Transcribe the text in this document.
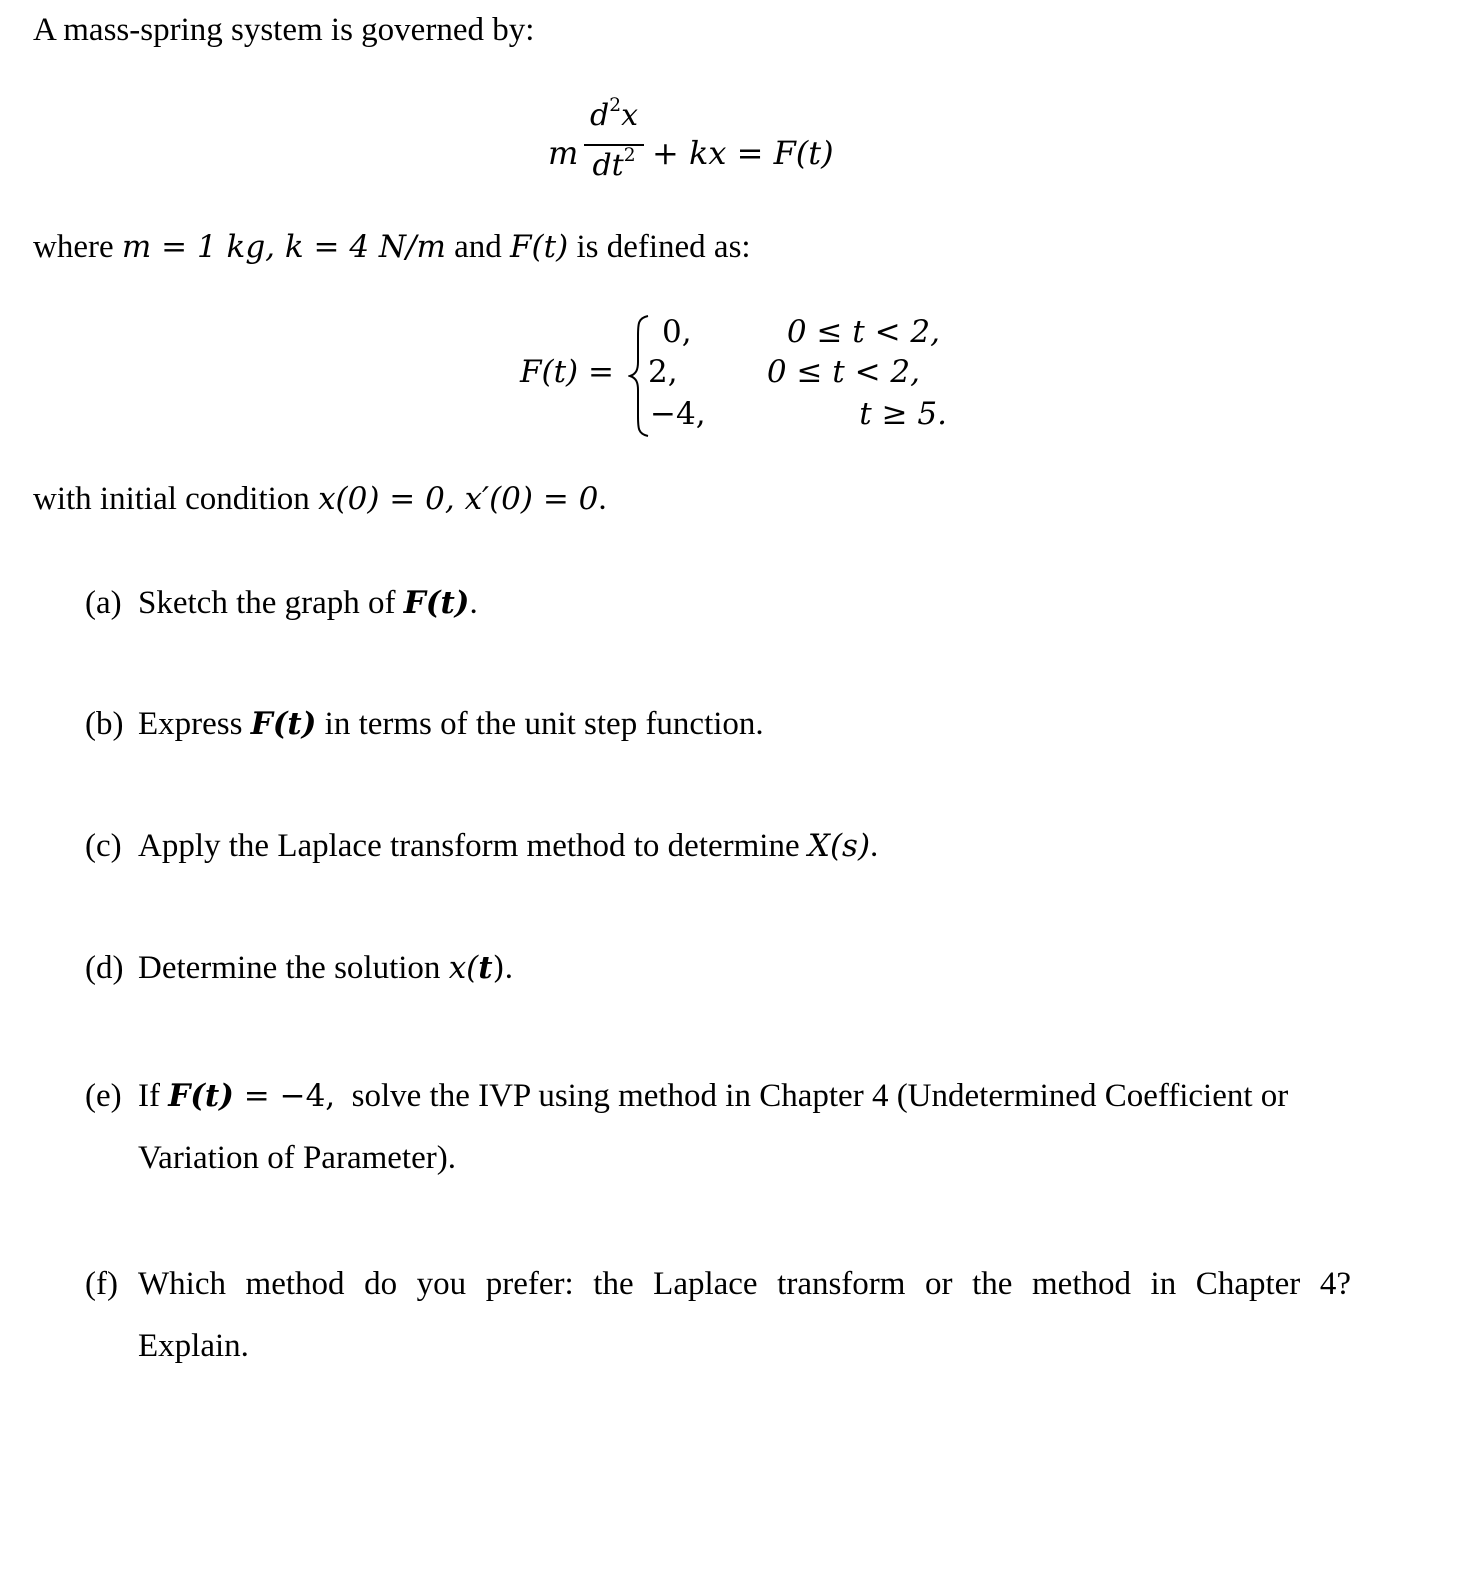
A mass-spring system is governed by:
m
$d^2x$
$dt^2$ + kx = F(t)
where m = 1 kg, k = 4 N/m and F(t) is defined as:
F(t) =
0,
2,
−4,
0 ≤ t < 2,
0 ≤ t < 2,
t ≥ 5.
with initial condition x(0) = 0, x′(0) = 0.
(a) Sketch the graph of F(t).
(b) Express F(t) in terms of the unit step function.
(c) Apply the Laplace transform method to determine X(s).
(d) Determine the solution x(t).
(e) If F(t) = −4,  solve the IVP using method in Chapter 4 (Undetermined Coefficient or
Variation of Parameter).
(f) Which method do you prefer: the Laplace transform or the method in Chapter 4?
Explain.
